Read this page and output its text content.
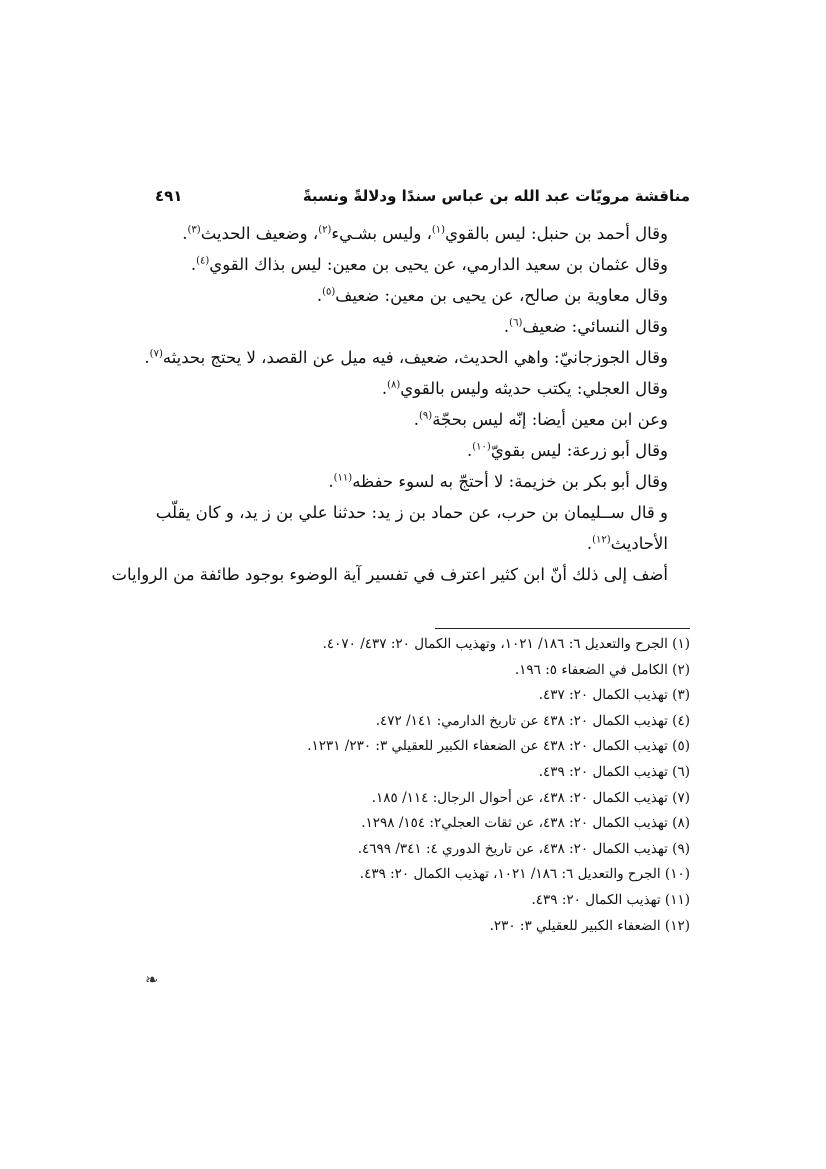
مناقشة مرويّات عبد الله بن عباس سندًا ودلالةً ونسبةً
٤٩١
وقال أحمد بن حنبل: ليس بالقوي$^{(١)}$، وليس بشـيء$^{(٢)}$، وضعيف الحديث$^{(٣)}$.
وقال عثمان بن سعيد الدارمي، عن يحيى بن معين: ليس بذاك القوي$^{(٤)}$.
وقال معاوية بن صالح، عن يحيى بن معين: ضعيف$^{(٥)}$.
وقال النسائي: ضعيف$^{(٦)}$.
وقال الجوزجانيّ: واهي الحديث، ضعيف، فيه ميل عن القصد، لا يحتج بحديثه$^{(٧)}$.
وقال العجلي: يكتب حديثه وليس بالقوي$^{(٨)}$.
وعن ابن معين أيضا: إنّه ليس بحجّة$^{(٩)}$.
وقال أبو زرعة: ليس بقويّ$^{(١٠)}$.
وقال أبو بكر بن خزيمة: لا أحتجّ به لسوء حفظه$^{(١١)}$.
و قال ســليمان بن حرب، عن حماد بن ز يد: حدثنا علي بن ز يد، و كان يقلّب الأحاديث$^{(١٢)}$.
أضف إلى ذلك أنّ ابن كثير اعترف في تفسير آية الوضوء بوجود طائفة من الروايات
(١) الجرح والتعديل ٦: ١٨٦/ ١٠٢١، وتهذيب الكمال ٢٠: ٤٣٧/ ٤٠٧٠.
(٢) الكامل في الضعفاء ٥: ١٩٦.
(٣) تهذيب الكمال ٢٠: ٤٣٧.
(٤) تهذيب الكمال ٢٠: ٤٣٨ عن تاريخ الدارمي: ١٤١/ ٤٧٢.
(٥) تهذيب الكمال ٢٠: ٤٣٨ عن الضعفاء الكبير للعقيلي ٣: ٢٣٠/ ١٢٣١.
(٦) تهذيب الكمال ٢٠: ٤٣٩.
(٧) تهذيب الكمال ٢٠: ٤٣٨، عن أحوال الرجال: ١١٤/ ١٨٥.
(٨) تهذيب الكمال ٢٠: ٤٣٨، عن ثقات العجلي٢: ١٥٤/ ١٢٩٨.
(٩) تهذيب الكمال ٢٠: ٤٣٨، عن تاريخ الدوري ٤: ٣٤١/ ٤٦٩٩.
(١٠) الجرح والتعديل ٦: ١٨٦/ ١٠٢١، تهذيب الكمال ٢٠: ٤٣٩.
(١١) تهذيب الكمال ٢٠: ٤٣٩.
(١٢) الضعفاء الكبير للعقيلي ٣: ٢٣٠.
❧
